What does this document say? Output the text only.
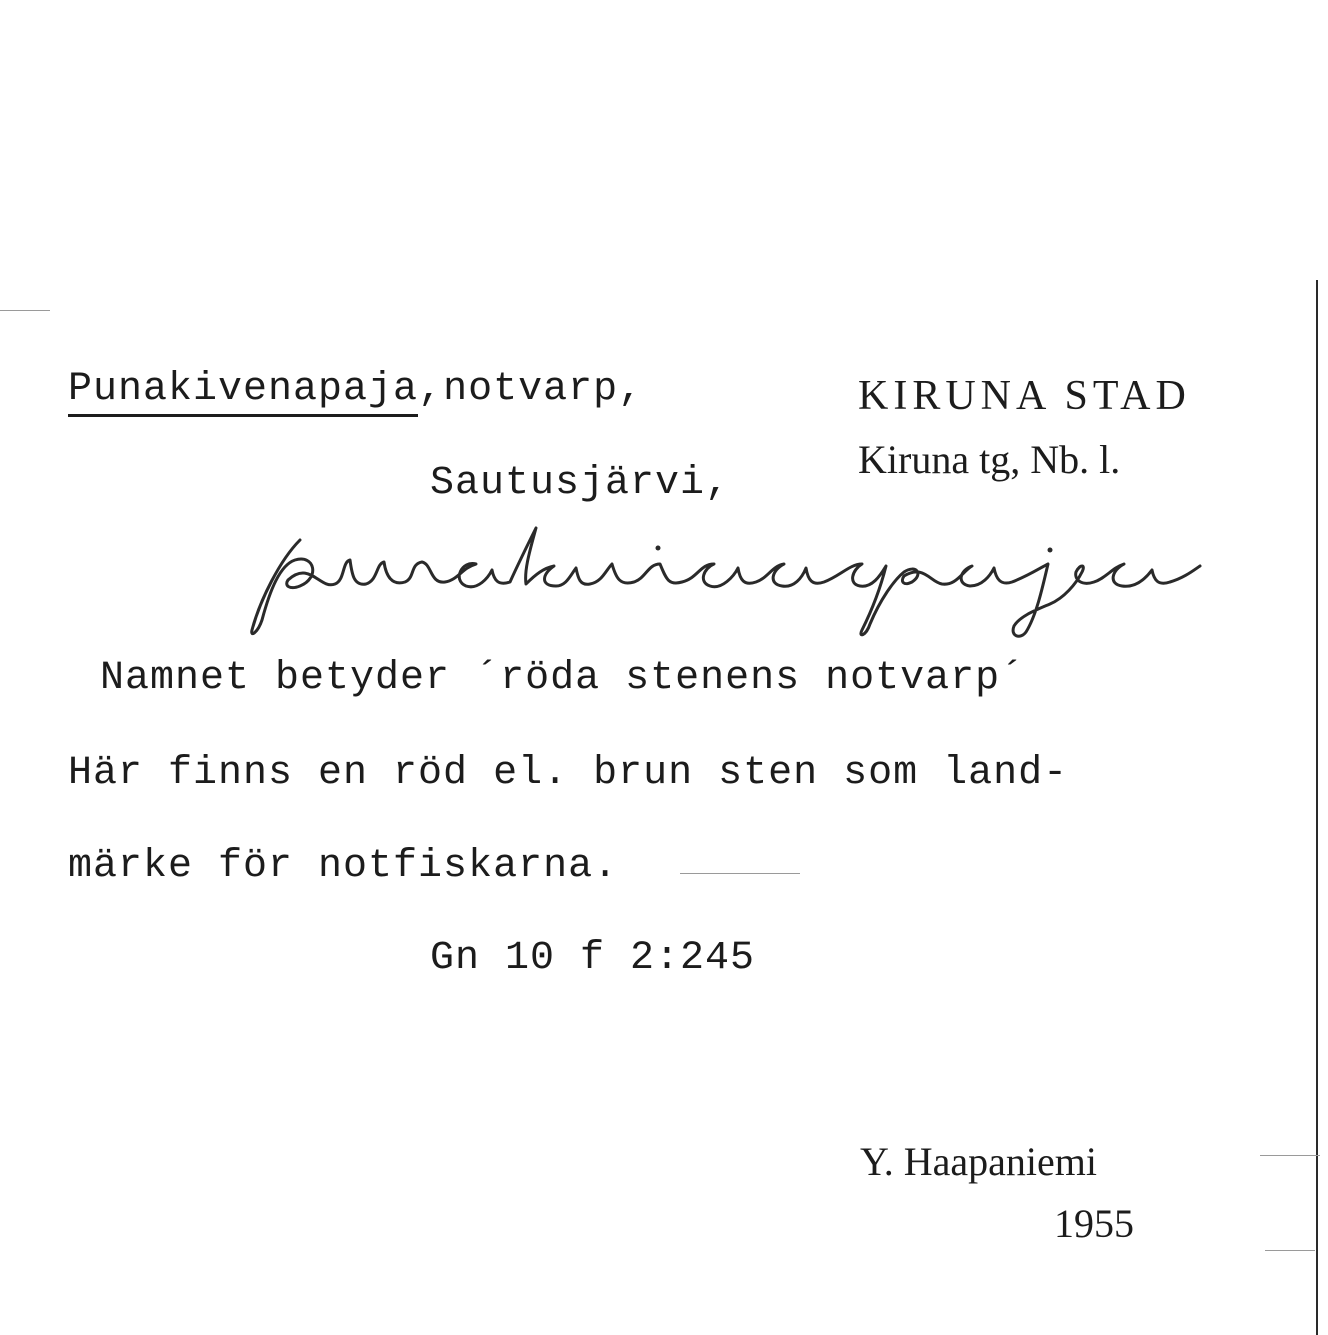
Punakivenapaja,notvarp,
Sautusjärvi,
KIRUNA STAD
Kiruna tg, Nb. l.
Namnet betyder ´röda stenens notvarp´
Här finns en röd el. brun sten som land-
märke för notfiskarna.
Gn 10 f 2:245
Y. Haapaniemi
1955
